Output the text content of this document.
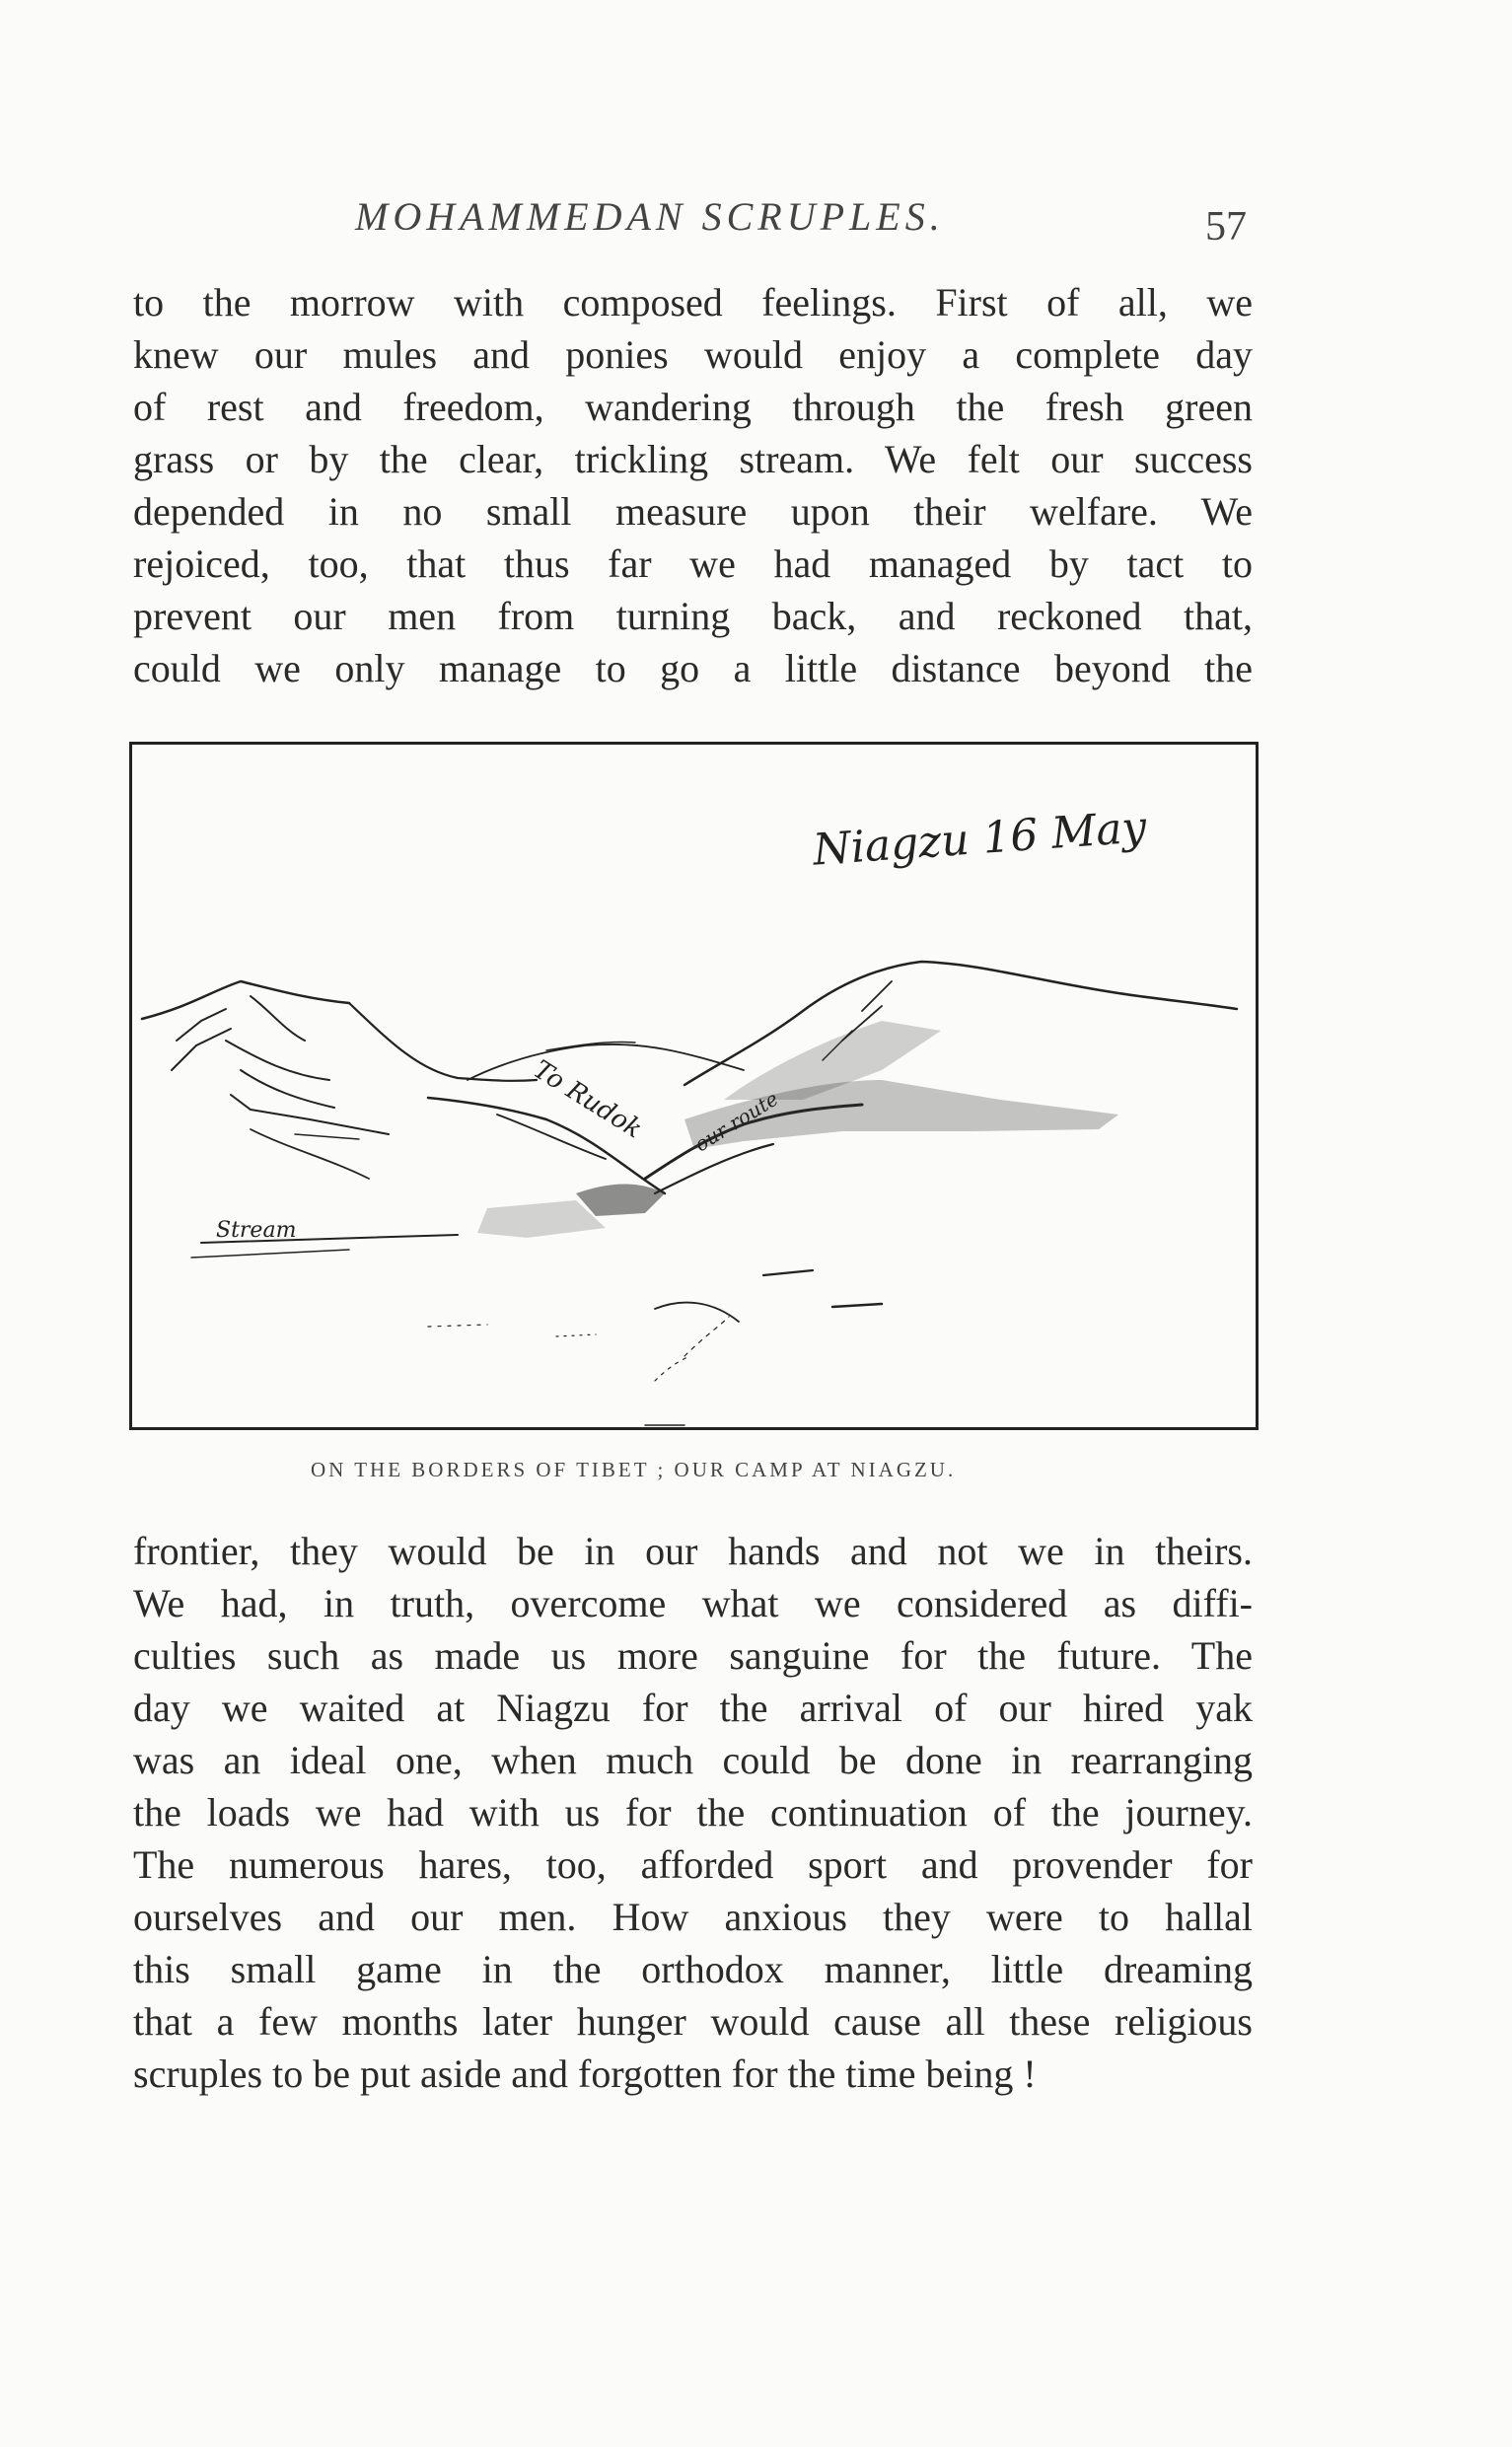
MOHAMMEDAN SCRUPLES.	57
to the morrow with composed feelings. First of all, we
knew our mules and ponies would enjoy a complete day
of rest and freedom, wandering through the fresh green
grass or by the clear, trickling stream. We felt our success
depended in no small measure upon their welfare. We
rejoiced, too, that thus far we had managed by tact to
prevent our men from turning back, and reckoned that,
could we only manage to go a little distance beyond the
Niagzu 16 May
To Rudok our route
Stream
ON THE BORDERS OF TIBET ; OUR CAMP AT NIAGZU.
frontier, they would be in our hands and not we in theirs.
We had, in truth, overcome what we considered as diffi-
culties such as made us more sanguine for the future. The
day we waited at Niagzu for the arrival of our hired yak
was an ideal one, when much could be done in rearranging
the loads we had with us for the continuation of the journey.
The numerous hares, too, afforded sport and provender for
ourselves and our men. How anxious they were to hallal
this small game in the orthodox manner, little dreaming
that a few months later hunger would cause all these religious
scruples to be put aside and forgotten for the time being !
